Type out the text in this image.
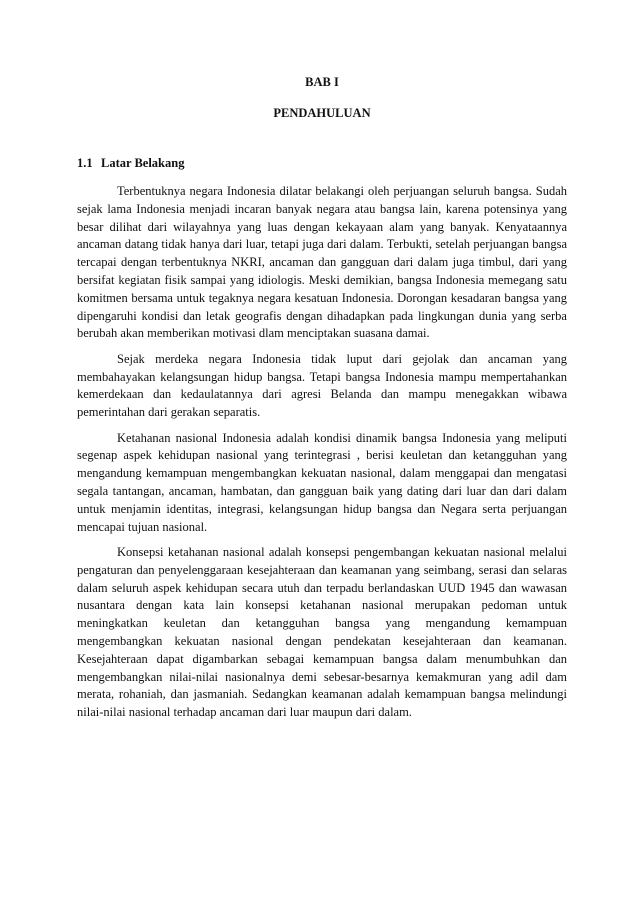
BAB I
PENDAHULUAN
1.1 Latar Belakang

Terbentuknya negara Indonesia dilatar belakangi oleh perjuangan seluruh bangsa. Sudah sejak lama Indonesia menjadi incaran banyak negara atau bangsa lain, karena potensinya yang besar dilihat dari wilayahnya yang luas dengan kekayaan alam yang banyak. Kenyataannya ancaman datang tidak hanya dari luar, tetapi juga dari dalam. Terbukti, setelah perjuangan bangsa tercapai dengan terbentuknya NKRI, ancaman dan gangguan dari dalam juga timbul, dari yang bersifat kegiatan fisik sampai yang idiologis. Meski demikian, bangsa Indonesia memegang satu komitmen bersama untuk tegaknya negara kesatuan Indonesia. Dorongan kesadaran bangsa yang dipengaruhi kondisi dan letak geografis dengan dihadapkan pada lingkungan dunia yang serba berubah akan memberikan motivasi dlam menciptakan suasana damai.

Sejak merdeka negara Indonesia tidak luput dari gejolak dan ancaman yang membahayakan kelangsungan hidup bangsa. Tetapi bangsa Indonesia mampu mempertahankan kemerdekaan dan kedaulatannya dari agresi Belanda dan mampu menegakkan wibawa pemerintahan dari gerakan separatis.

Ketahanan nasional Indonesia adalah kondisi dinamik bangsa Indonesia yang meliputi segenap aspek kehidupan nasional yang terintegrasi , berisi keuletan dan ketangguhan yang mengandung kemampuan mengembangkan kekuatan nasional, dalam menggapai dan mengatasi segala tantangan, ancaman, hambatan, dan gangguan baik yang dating dari luar dan dari dalam untuk menjamin identitas, integrasi, kelangsungan hidup bangsa dan Negara serta perjuangan mencapai tujuan nasional.

Konsepsi ketahanan nasional adalah konsepsi pengembangan kekuatan nasional melalui pengaturan dan penyelenggaraan kesejahteraan dan keamanan yang seimbang, serasi dan selaras dalam seluruh aspek kehidupan secara utuh dan terpadu berlandaskan UUD 1945 dan wawasan nusantara dengan kata lain konsepsi ketahanan nasional merupakan pedoman untuk meningkatkan keuletan dan ketangguhan bangsa yang mengandung kemampuan mengembangkan kekuatan nasional dengan pendekatan kesejahteraan dan keamanan. Kesejahteraan dapat digambarkan sebagai kemampuan bangsa dalam menumbuhkan dan mengembangkan nilai-nilai nasionalnya demi sebesar-besarnya kemakmuran yang adil dam merata, rohaniah, dan jasmaniah. Sedangkan keamanan adalah kemampuan bangsa melindungi nilai-nilai nasional terhadap ancaman dari luar maupun dari dalam.
